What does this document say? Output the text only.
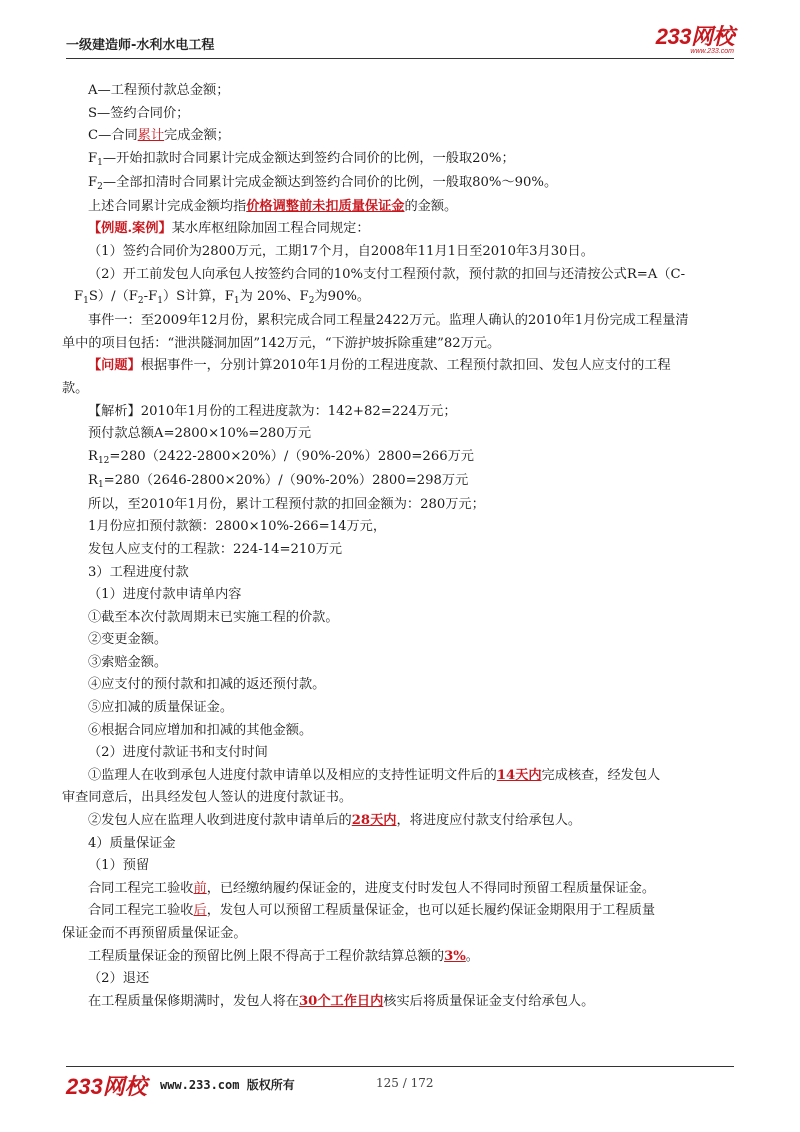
一级建造师-水利水电工程	233网校
www.233.com
A—工程预付款总金额；
S—签约合同价；
C—合同累计完成金额；
$F_1—$开始扣款时合同累计完成金额达到签约合同价的比例，一般取20%；
$F_2—$全部扣清时合同累计完成金额达到签约合同价的比例，一般取80%～90%。
上述合同累计完成金额均指价格调整前未扣质量保证金的金额。
【例题.案例】某水库枢纽除加固工程合同规定：
（1）签约合同价为2800万元，工期17个月，自2008年11月1日至2010年3月30日。
（2）开工前发包人向承包人按签约合同的10%支付工程预付款，预付款的扣回与还清按公式R=A（C-
$F_1S)/(F_2-F_1)S$计算，$F_1$为 20%、$F_2$为90%。
事件一：至2009年12月份，累积完成合同工程量2422万元。监理人确认的2010年1月份完成工程量清
单中的项目包括：“泄洪隧洞加固”142万元，“下游护坡拆除重建”82万元。
【问题】根据事件一，分别计算2010年1月份的工程进度款、工程预付款扣回、发包人应支付的工程
款。
【解析】2010年1月份的工程进度款为：142+82=224万元；
预付款总额A=2800×10%=280万元
$R_{12}=280(2422-2800\times 20\%)/(90\%-20\%)2800=266$万元
$R_1=280(2646-2800\times 20\%)/(90\%-20\%)2800=298$万元
所以，至2010年1月份，累计工程预付款的扣回金额为：280万元；
1月份应扣预付款额：2800×10%-266=14万元，
发包人应支付的工程款：224-14=210万元
3）工程进度付款
（1）进度付款申请单内容
①截至本次付款周期末已实施工程的价款。
②变更金额。
③索赔金额。
④应支付的预付款和扣减的返还预付款。
⑤应扣减的质量保证金。
⑥根据合同应增加和扣减的其他金额。
（2）进度付款证书和支付时间
①监理人在收到承包人进度付款申请单以及相应的支持性证明文件后的14天内完成核查，经发包人
审查同意后，出具经发包人签认的进度付款证书。
②发包人应在监理人收到进度付款申请单后的28天内，将进度应付款支付给承包人。
4）质量保证金
（1）预留
合同工程完工验收前，已经缴纳履约保证金的，进度支付时发包人不得同时预留工程质量保证金。
合同工程完工验收后，发包人可以预留工程质量保证金，也可以延长履约保证金期限用于工程质量
保证金而不再预留质量保证金。
工程质量保证金的预留比例上限不得高于工程价款结算总额的3%。
（2）退还
在工程质量保修期满时，发包人将在30个工作日内核实后将质量保证金支付给承包人。
233网校 www.233.com 版权所有	125 / 172
